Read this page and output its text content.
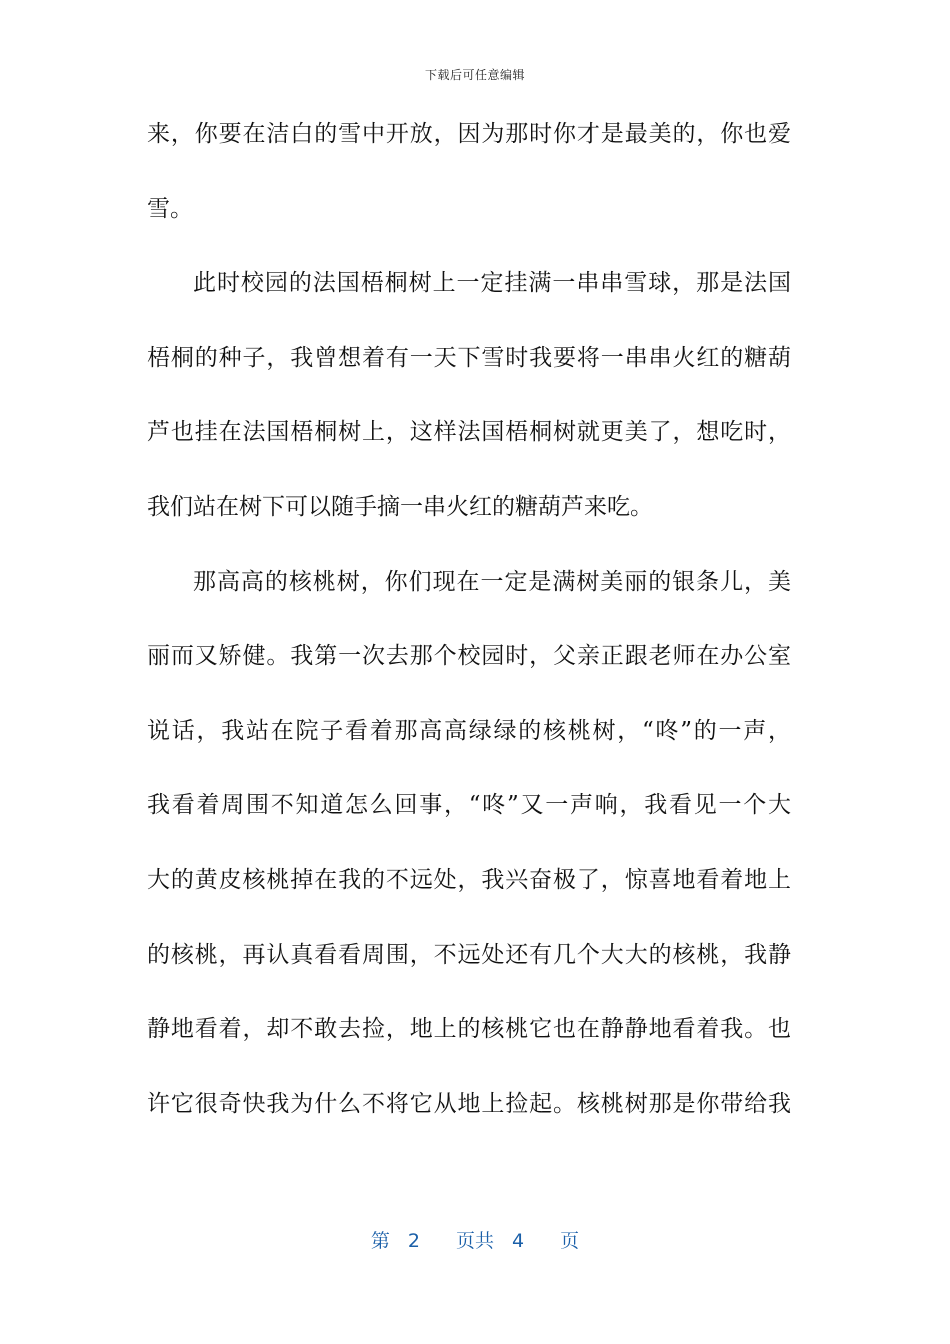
下载后可任意编辑
来，你要在洁白的雪中开放，因为那时你才是最美的，你也爱
雪。
此时校园的法国梧桐树上一定挂满一串串雪球，那是法国
梧桐的种子，我曾想着有一天下雪时我要将一串串火红的糖葫
芦也挂在法国梧桐树上，这样法国梧桐树就更美了，想吃时，
我们站在树下可以随手摘一串火红的糖葫芦来吃。
那高高的核桃树，你们现在一定是满树美丽的银条儿，美
丽而又矫健。我第一次去那个校园时，父亲正跟老师在办公室
说话，我站在院子看着那高高绿绿的核桃树，“咚”的一声，
我看着周围不知道怎么回事，“咚”又一声响，我看见一个大
大的黄皮核桃掉在我的不远处，我兴奋极了，惊喜地看着地上
的核桃，再认真看看周围，不远处还有几个大大的核桃，我静
静地看着，却不敢去捡，地上的核桃它也在静静地看着我。也
许它很奇快我为什么不将它从地上捡起。核桃树那是你带给我
第 2 页共 4 页
